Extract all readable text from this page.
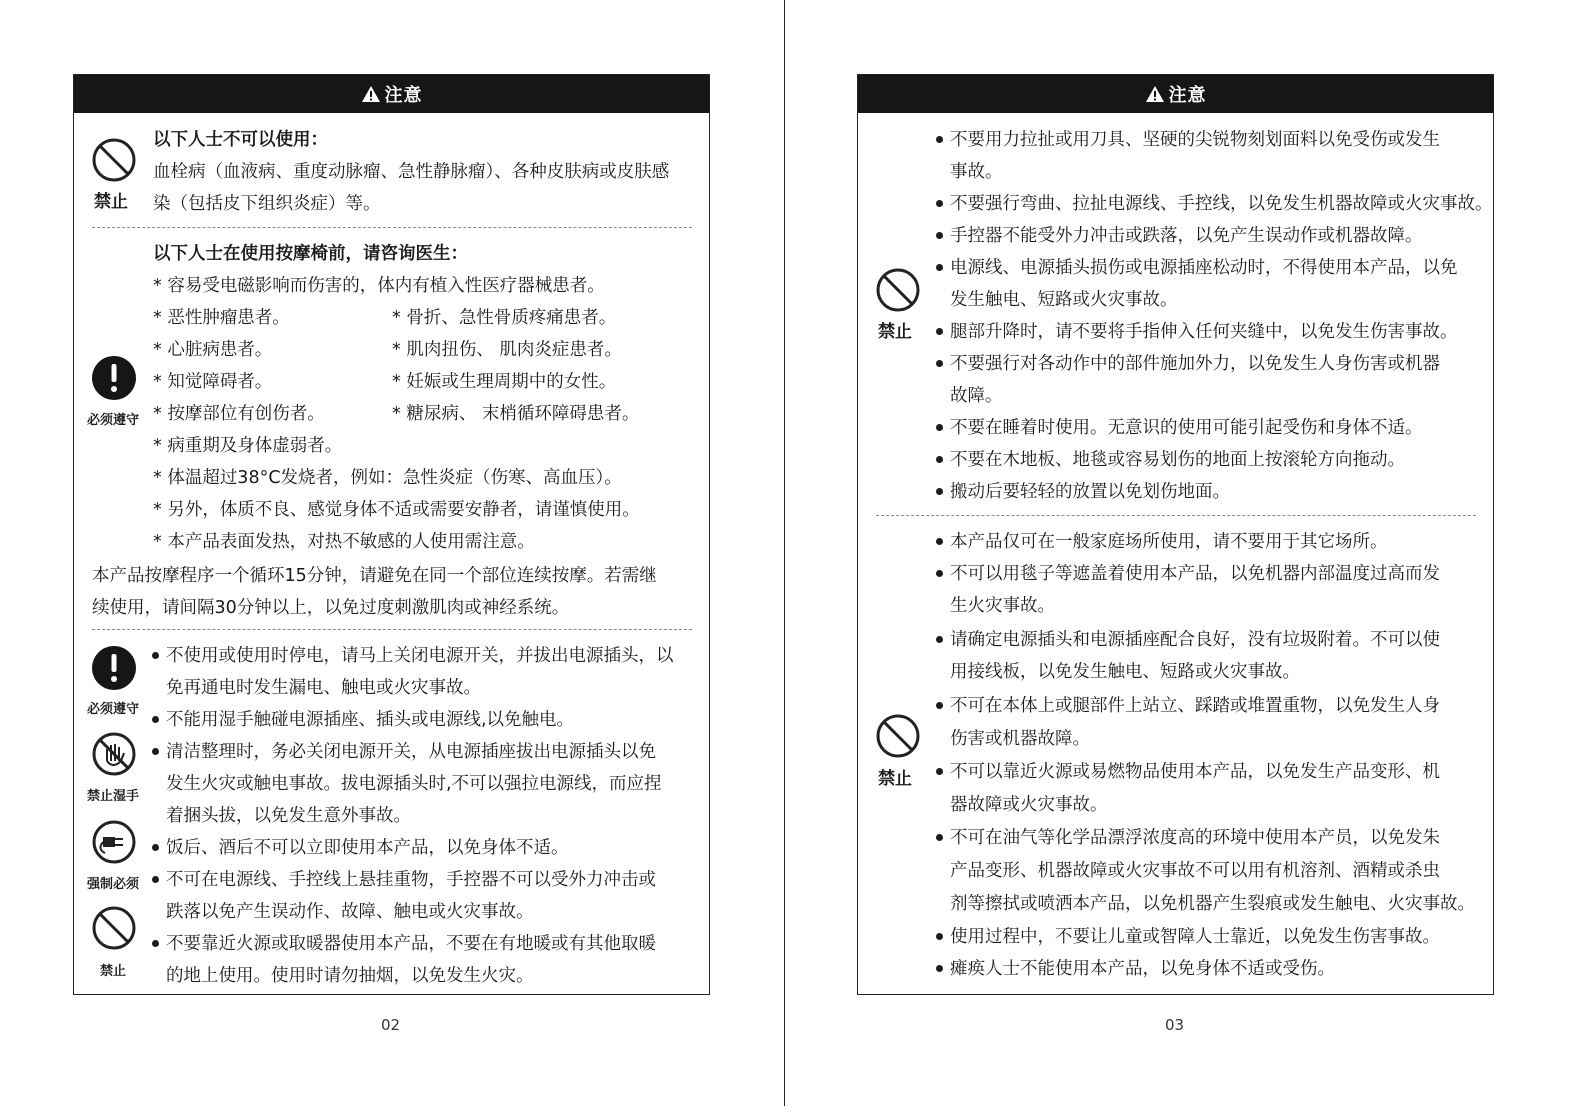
注意
禁止
以下人士不可以使用：
血栓病（血液病、重度动脉瘤、急性静脉瘤）、各种皮肤病或皮肤感
染（包括皮下组织炎症）等。
必须遵守
以下人士在使用按摩椅前，请咨询医生：
* 容易受电磁影响而伤害的，体内有植入性医疗器械患者。
* 恶性肿瘤患者。	* 骨折、急性骨质疼痛患者。
* 心脏病患者。	* 肌肉扭伤、 肌肉炎症患者。
* 知觉障碍者。	* 妊娠或生理周期中的女性。
* 按摩部位有创伤者。	* 糖尿病、 末梢循环障碍患者。
* 病重期及身体虚弱者。
* 体温超过38°C发烧者，例如：急性炎症（伤寒、高血压）。
* 另外，体质不良、感觉身体不适或需要安静者，请谨慎使用。
* 本产品表面发热，对热不敏感的人使用需注意。
本产品按摩程序一个循环15分钟，请避免在同一个部位连续按摩。若需继
续使用，请间隔30分钟以上，以免过度刺激肌肉或神经系统。
必须遵守
禁止湿手
强制必须
禁止
不使用或使用时停电，请马上关闭电源开关，并拔出电源插头，以
免再通电时发生漏电、触电或火灾事故。
不能用湿手触碰电源插座、插头或电源线,以免触电。
清洁整理时，务必关闭电源开关，从电源插座拔出电源插头以免
发生火灾或触电事故。拔电源插头时,不可以强拉电源线，而应捏
着捆头拔，以免发生意外事故。
饭后、酒后不可以立即使用本产品，以免身体不适。
不可在电源线、手控线上悬挂重物，手控器不可以受外力冲击或
跌落以免产生误动作、故障、触电或火灾事故。
不要靠近火源或取暖器使用本产品，不要在有地暖或有其他取暖
的地上使用。使用时请勿抽烟，以免发生火灾。
02
注意
禁止
不要用力拉扯或用刀具、坚硬的尖锐物刻划面料以免受伤或发生
事故。
不要强行弯曲、拉扯电源线、手控线，以免发生机器故障或火灾事故。
手控器不能受外力冲击或跌落，以免产生误动作或机器故障。
电源线、电源插头损伤或电源插座松动时，不得使用本产品，以免
发生触电、短路或火灾事故。
腿部升降时，请不要将手指伸入任何夹缝中，以免发生伤害事故。
不要强行对各动作中的部件施加外力，以免发生人身伤害或机器
故障。
不要在睡着时使用。无意识的使用可能引起受伤和身体不适。
不要在木地板、地毯或容易划伤的地面上按滚轮方向拖动。
搬动后要轻轻的放置以免划伤地面。
禁止
本产品仅可在一般家庭场所使用，请不要用于其它场所。
不可以用毯子等遮盖着使用本产品，以免机器内部温度过高而发
生火灾事故。
请确定电源插头和电源插座配合良好，没有垃圾附着。不可以使
用接线板，以免发生触电、短路或火灾事故。
不可在本体上或腿部件上站立、踩踏或堆置重物，以免发生人身
伤害或机器故障。
不可以靠近火源或易燃物品使用本产品，以免发生产品变形、机
器故障或火灾事故。
不可在油气等化学品漂浮浓度高的环境中使用本产员，以免发朱
产品变形、机器故障或火灾事故不可以用有机溶剂、酒精或杀虫
剂等擦拭或喷洒本产品，以免机器产生裂痕或发生触电、火灾事故。
使用过程中，不要让儿童或智障人士靠近，以免发生伤害事故。
瘫痪人士不能使用本产品，以免身体不适或受伤。
03
